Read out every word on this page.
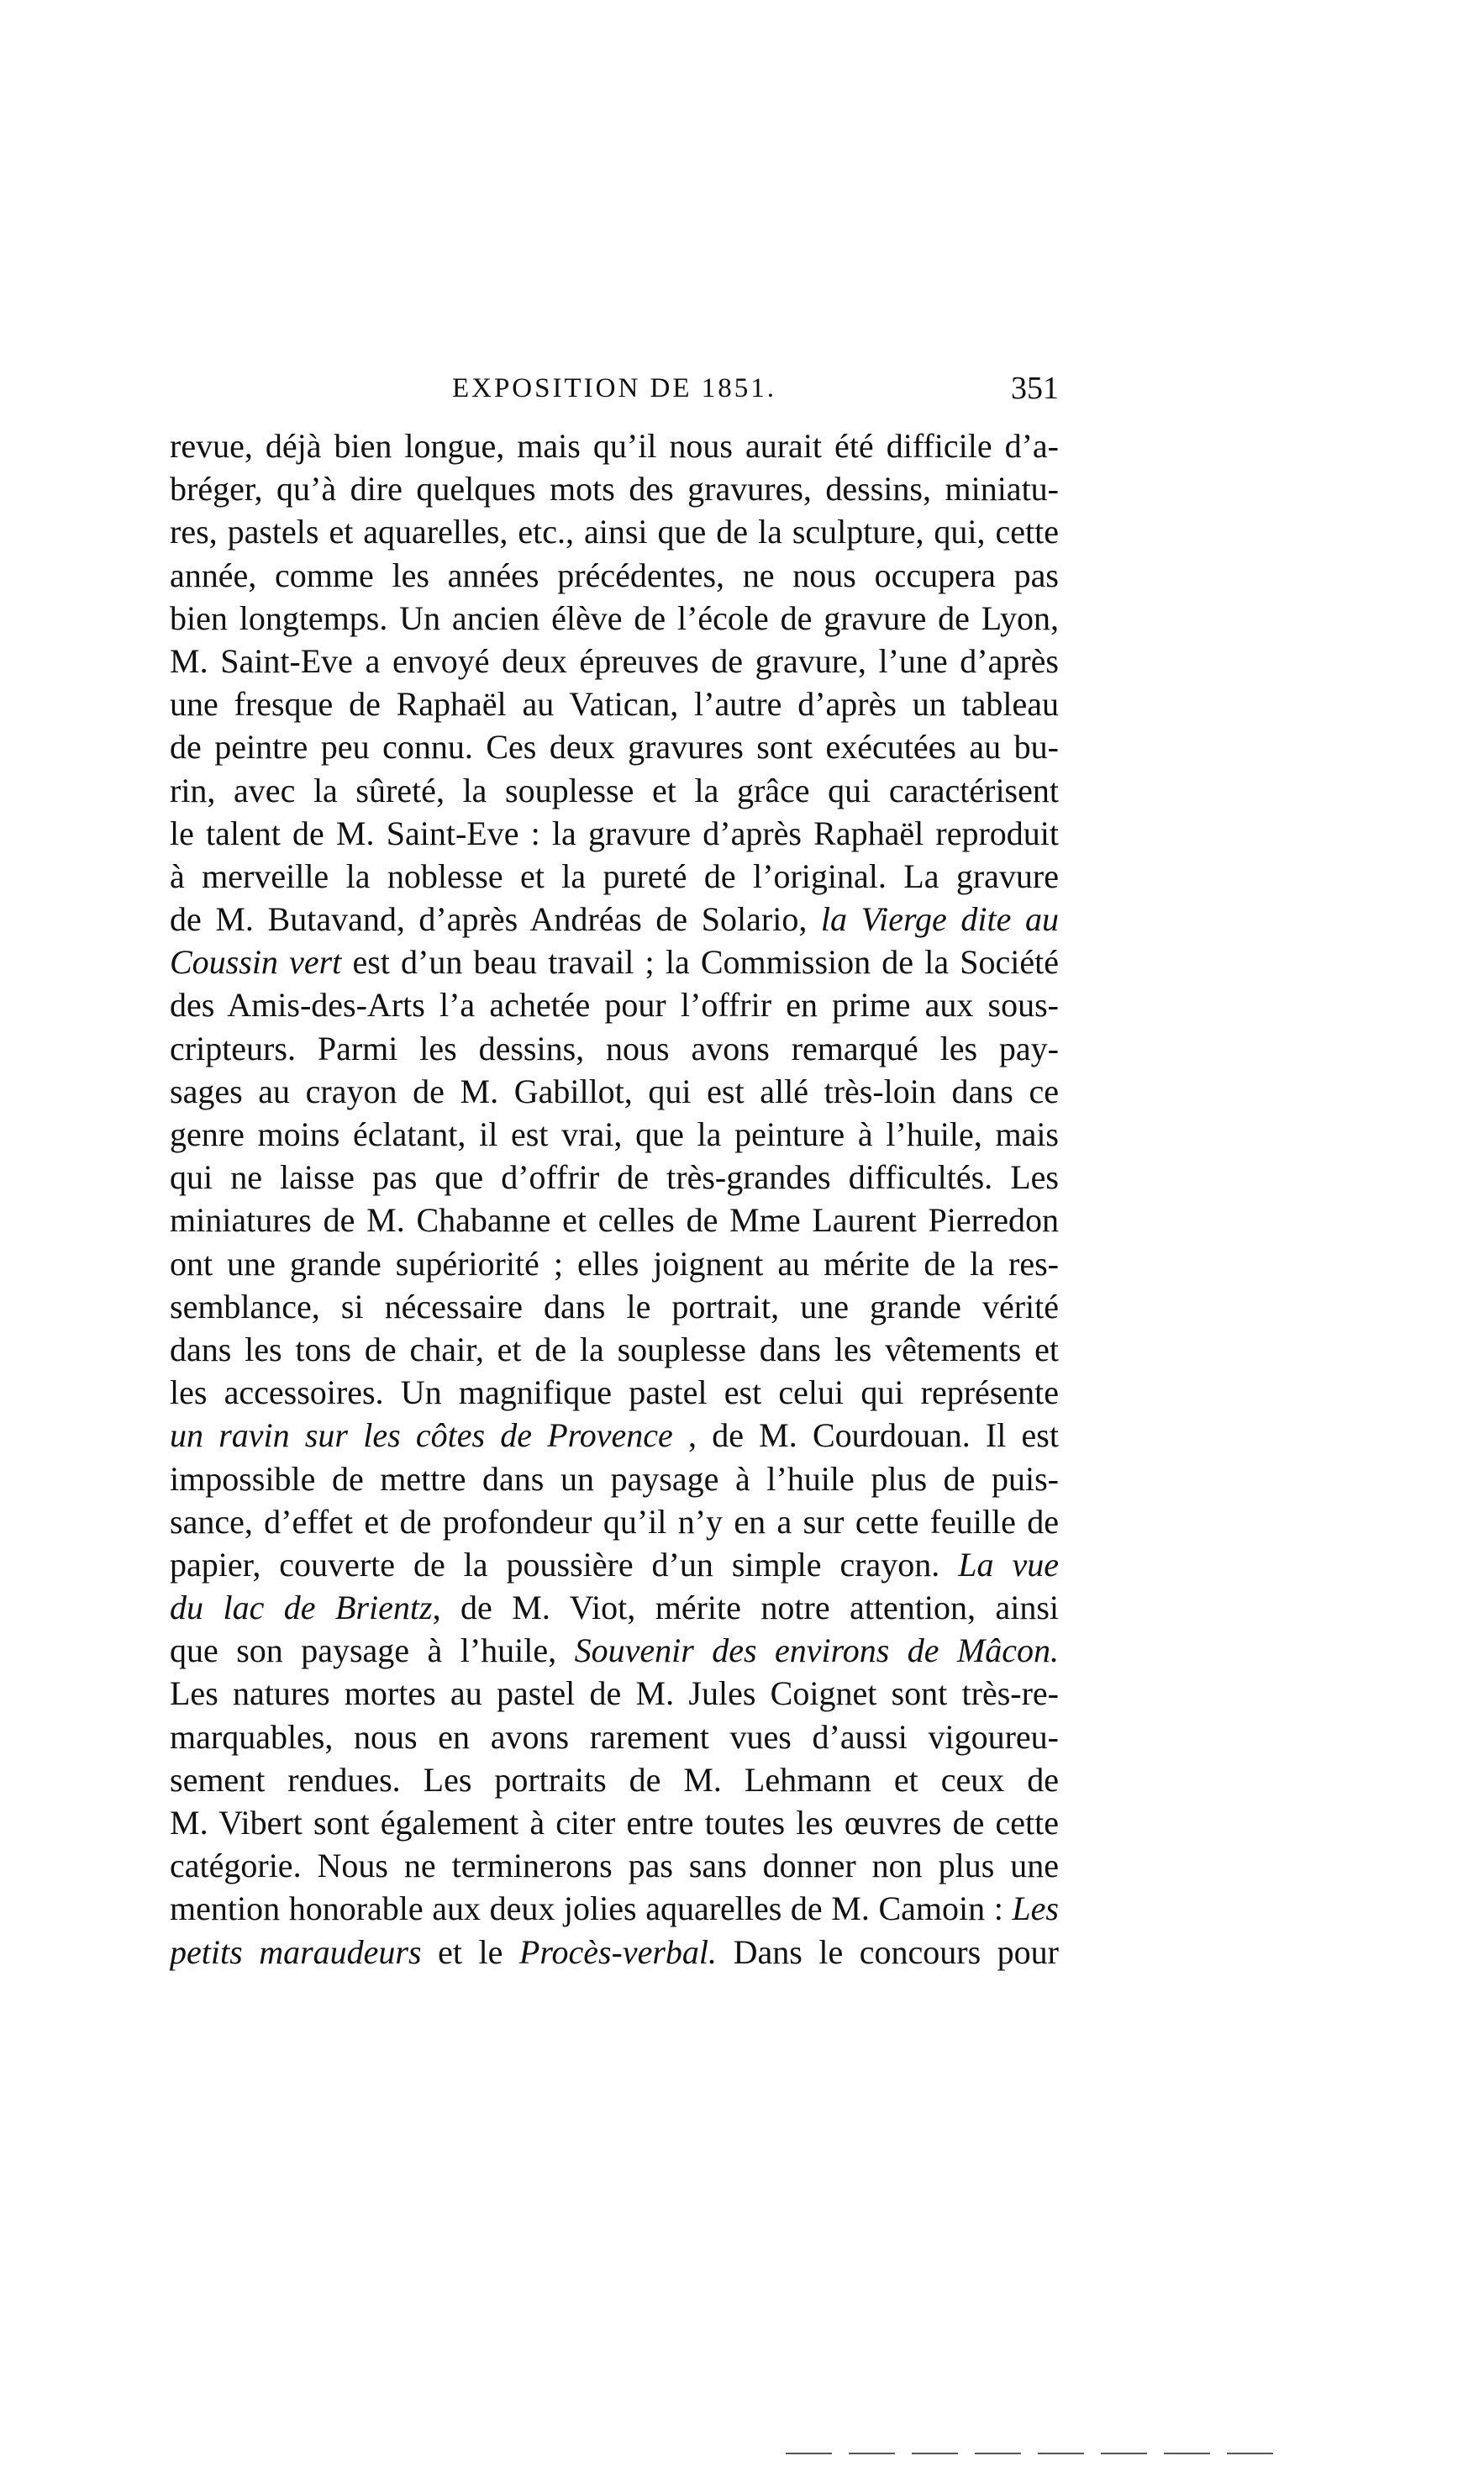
EXPOSITION DE 1851.	351
revue, déjà bien longue, mais qu’il nous aurait été difficile d’a-
bréger, qu’à dire quelques mots des gravures, dessins, miniatu-
res, pastels et aquarelles, etc., ainsi que de la sculpture, qui, cette
année, comme les années précédentes, ne nous occupera pas
bien longtemps. Un ancien élève de l’école de gravure de Lyon,
M. Saint-Eve a envoyé deux épreuves de gravure, l’une d’après
une fresque de Raphaël au Vatican, l’autre d’après un tableau
de peintre peu connu. Ces deux gravures sont exécutées au bu-
rin, avec la sûreté, la souplesse et la grâce qui caractérisent
le talent de M. Saint-Eve : la gravure d’après Raphaël reproduit
à merveille la noblesse et la pureté de l’original. La gravure
de M. Butavand, d’après Andréas de Solario, la Vierge dite au
Coussin vert est d’un beau travail ; la Commission de la Société
des Amis-des-Arts l’a achetée pour l’offrir en prime aux sous-
cripteurs. Parmi les dessins, nous avons remarqué les pay-
sages au crayon de M. Gabillot, qui est allé très-loin dans ce
genre moins éclatant, il est vrai, que la peinture à l’huile, mais
qui ne laisse pas que d’offrir de très-grandes difficultés. Les
miniatures de M. Chabanne et celles de Mme Laurent Pierredon
ont une grande supériorité ; elles joignent au mérite de la res-
semblance, si nécessaire dans le portrait, une grande vérité
dans les tons de chair, et de la souplesse dans les vêtements et
les accessoires. Un magnifique pastel est celui qui représente
un ravin sur les côtes de Provence , de M. Courdouan. Il est
impossible de mettre dans un paysage à l’huile plus de puis-
sance, d’effet et de profondeur qu’il n’y en a sur cette feuille de
papier, couverte de la poussière d’un simple crayon. La vue
du lac de Brientz, de M. Viot, mérite notre attention, ainsi
que son paysage à l’huile, Souvenir des environs de Mâcon.
Les natures mortes au pastel de M. Jules Coignet sont très-re-
marquables, nous en avons rarement vues d’aussi vigoureu-
sement rendues. Les portraits de M. Lehmann et ceux de
M. Vibert sont également à citer entre toutes les œuvres de cette
catégorie. Nous ne terminerons pas sans donner non plus une
mention honorable aux deux jolies aquarelles de M. Camoin : Les
petits maraudeurs et le Procès-verbal. Dans le concours pour
